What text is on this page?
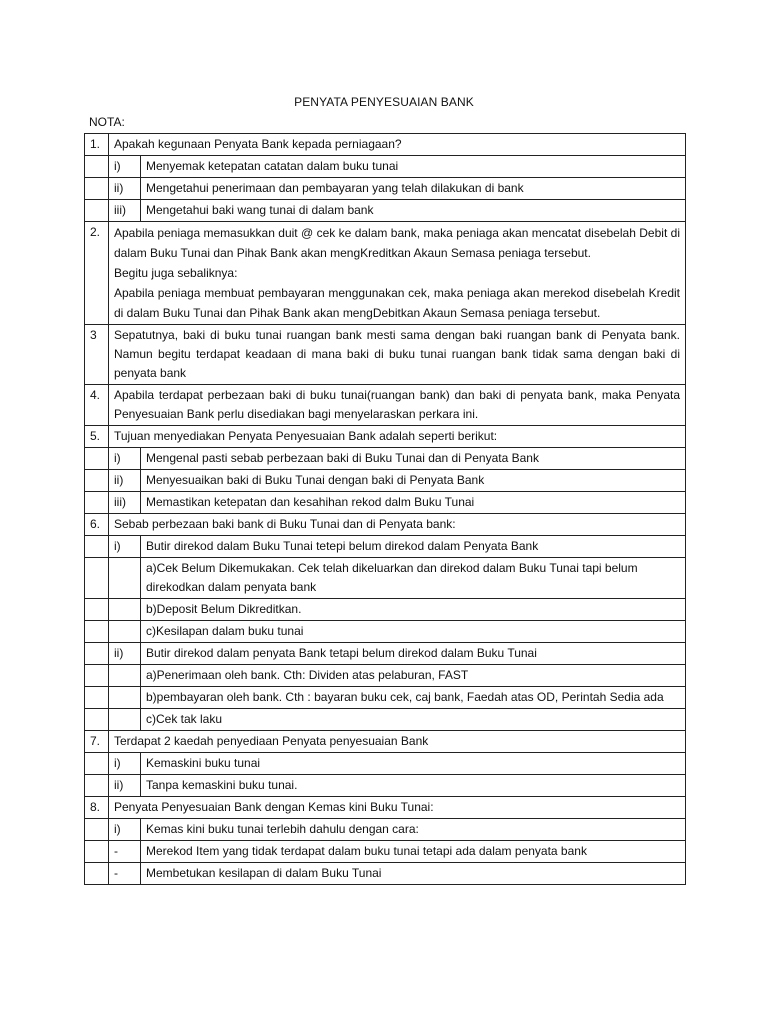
PENYATA PENYESUAIAN BANK
NOTA:
1.	Apakah kegunaan Penyata Bank kepada perniagaan?	
	i)	Menyemak ketepatan catatan dalam buku tunai
	ii)	Mengetahui penerimaan dan pembayaran yang telah dilakukan di bank
	iii)	Mengetahui baki wang tunai di dalam bank
2.	Apabila peniaga memasukkan duit @ cek ke dalam bank, maka peniaga akan mencatat disebelah Debit di dalam Buku Tunai dan Pihak Bank akan mengKreditkan Akaun Semasa peniaga tersebut.
Begitu juga sebaliknya:
Apabila peniaga membuat pembayaran menggunakan cek, maka peniaga akan merekod disebelah Kredit di dalam Buku Tunai dan Pihak Bank akan mengDebitkan Akaun Semasa peniaga tersebut.	

3	Sepatutnya, baki di buku tunai ruangan bank mesti sama dengan baki ruangan bank di Penyata bank. Namun begitu terdapat keadaan di mana baki di buku tunai ruangan bank tidak sama dengan baki di penyata bank	
4.	Apabila terdapat perbezaan baki di buku tunai(ruangan bank) dan baki di penyata bank, maka Penyata Penyesuaian Bank perlu disediakan bagi menyelaraskan perkara ini.	
5.	Tujuan menyediakan Penyata Penyesuaian Bank adalah seperti berikut:	
	i)	Mengenal pasti sebab perbezaan baki di Buku Tunai dan di Penyata Bank
	ii)	Menyesuaikan baki di Buku Tunai dengan baki di Penyata Bank
	iii)	Memastikan ketepatan dan kesahihan rekod dalm Buku Tunai
6.	Sebab perbezaan baki bank di Buku Tunai dan di Penyata bank:	
	i)	Butir direkod dalam Buku Tunai tetepi belum direkod dalam Penyata Bank
		a)Cek Belum Dikemukakan. Cek telah dikeluarkan dan direkod dalam Buku Tunai tapi belum direkodkan dalam penyata bank
		b)Deposit Belum Dikreditkan.
		c)Kesilapan dalam buku tunai
	ii)	Butir direkod dalam penyata Bank tetapi belum direkod dalam Buku Tunai
		a)Penerimaan oleh bank. Cth: Dividen atas pelaburan, FAST
		b)pembayaran oleh bank. Cth : bayaran buku cek, caj bank, Faedah atas OD, Perintah Sedia ada
		c)Cek tak laku
7.	Terdapat 2 kaedah penyediaan Penyata penyesuaian Bank	
	i)	Kemaskini buku tunai
	ii)	Tanpa kemaskini buku tunai.
8.	Penyata Penyesuaian Bank dengan Kemas kini Buku Tunai:	
	i)	Kemas kini buku tunai terlebih dahulu dengan cara:
	-	Merekod Item yang tidak terdapat dalam buku tunai tetapi ada dalam penyata bank
	-	Membetukan kesilapan di dalam Buku Tunai
